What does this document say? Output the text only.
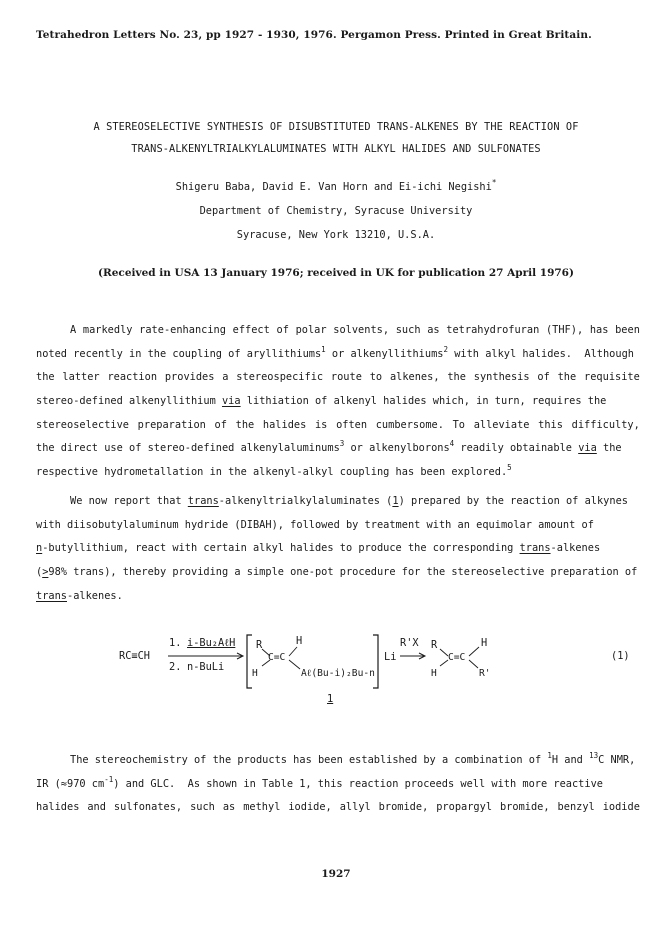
Tetrahedron Letters No. 23, pp 1927 - 1930, 1976. Pergamon Press. Printed in Great Britain.
A STEREOSELECTIVE SYNTHESIS OF DISUBSTITUTED TRANS-ALKENES BY THE REACTION OF
TRANS-ALKENYLTRIALKYLALUMINATES WITH ALKYL HALIDES AND SULFONATES
Shigeru Baba, David E. Van Horn and Ei-ichi Negishi*
Department of Chemistry, Syracuse University
Syracuse, New York 13210, U.S.A.
(Received in USA 13 January 1976; received in UK for publication 27 April 1976)
A markedly rate-enhancing effect of polar solvents, such as tetrahydrofuran (THF), has been
noted recently in the coupling of aryllithiums$^1$ or alkenyllithiums$^2$ with alkyl halides.  Although
the latter reaction provides a stereospecific route to alkenes, the synthesis of the requisite
stereo-defined alkenyllithium via lithiation of alkenyl halides which, in turn, requires the
stereoselective preparation of the halides is often cumbersome. To alleviate this difficulty,
the direct use of stereo-defined alkenylaluminums$^3$ or alkenylborons$^4$ readily obtainable via the
respective hydrometallation in the alkenyl-alkyl coupling has been explored.$^5$
We now report that trans-alkenyltrialkylaluminates (1) prepared by the reaction of alkynes
with diisobutylaluminum hydride (DIBAH), followed by treatment with an equimolar amount of
n-butyllithium, react with certain alkyl halides to produce the corresponding trans-alkenes
(≥98% trans), thereby providing a simple one-pot procedure for the stereoselective preparation of
trans-alkenes.
RC≡CH
1. i-Bu₂AℓH
2. n-BuLi
R	H
C=C
H	Aℓ(Bu-i)₂Bu-n
Li
R'X R	H
C=C
H	R'
1
(1)
The stereochemistry of the products has been established by a combination of $^1$H and $^{13}$C NMR,
IR (≈970 $cm^{-1}$) and GLC.  As shown in Table 1, this reaction proceeds well with more reactive
halides and sulfonates, such as methyl iodide, allyl bromide, propargyl bromide, benzyl iodide
1927
